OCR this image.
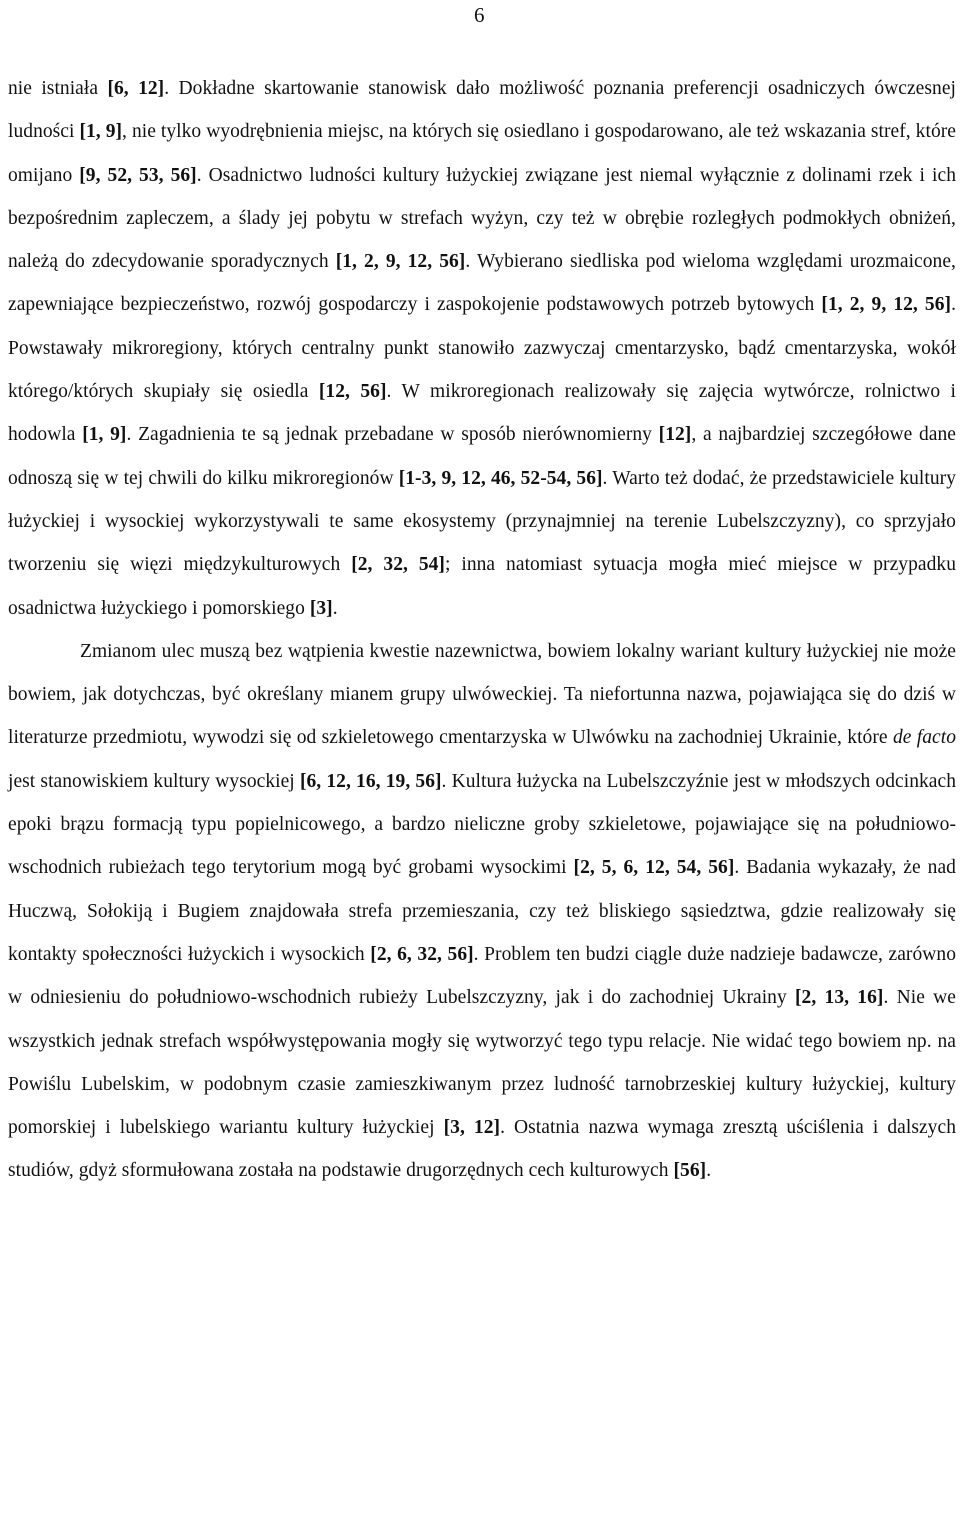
6

nie istniała [6, 12]. Dokładne skartowanie stanowisk dało możliwość poznania preferencji osadniczych ówczesnej ludności [1, 9], nie tylko wyodrębnienia miejsc, na których się osiedlano i gospodarowano, ale też wskazania stref, które omijano [9, 52, 53, 56]. Osadnictwo ludności kultury łużyckiej związane jest niemal wyłącznie z dolinami rzek i ich bezpośrednim zapleczem, a ślady jej pobytu w strefach wyżyn, czy też w obrębie rozległych podmokłych obniżeń, należą do zdecydowanie sporadycznych [1, 2, 9, 12, 56]. Wybierano siedliska pod wieloma względami urozmaicone, zapewniające bezpieczeństwo, rozwój gospodarczy i zaspokojenie podstawowych potrzeb bytowych [1, 2, 9, 12, 56]. Powstawały mikroregiony, których centralny punkt stanowiło zazwyczaj cmentarzysko, bądź cmentarzyska, wokół którego/których skupiały się osiedla [12, 56]. W mikroregionach realizowały się zajęcia wytwórcze, rolnictwo i hodowla [1, 9]. Zagadnienia te są jednak przebadane w sposób nierównomierny [12], a najbardziej szczegółowe dane odnoszą się w tej chwili do kilku mikroregionów [1-3, 9, 12, 46, 52-54, 56]. Warto też dodać, że przedstawiciele kultury łużyckiej i wysockiej wykorzystywali te same ekosystemy (przynajmniej na terenie Lubelszczyzny), co sprzyjało tworzeniu się więzi międzykulturowych [2, 32, 54]; inna natomiast sytuacja mogła mieć miejsce w przypadku osadnictwa łużyckiego i pomorskiego [3].

Zmianom ulec muszą bez wątpienia kwestie nazewnictwa, bowiem lokalny wariant kultury łużyckiej nie może bowiem, jak dotychczas, być określany mianem grupy ulwóweckiej. Ta niefortunna nazwa, pojawiająca się do dziś w literaturze przedmiotu, wywodzi się od szkieletowego cmentarzyska w Ulwówku na zachodniej Ukrainie, które de facto jest stanowiskiem kultury wysockiej [6, 12, 16, 19, 56]. Kultura łużycka na Lubelszczyźnie jest w młodszych odcinkach epoki brązu formacją typu popielnicowego, a bardzo nieliczne groby szkieletowe, pojawiające się na południowo-wschodnich rubieżach tego terytorium mogą być grobami wysockimi [2, 5, 6, 12, 54, 56]. Badania wykazały, że nad Huczwą, Sołokiją i Bugiem znajdowała strefa przemieszania, czy też bliskiego sąsiedztwa, gdzie realizowały się kontakty społeczności łużyckich i wysockich [2, 6, 32, 56]. Problem ten budzi ciągle duże nadzieje badawcze, zarówno w odniesieniu do południowo-wschodnich rubieży Lubelszczyzny, jak i do zachodniej Ukrainy [2, 13, 16]. Nie we wszystkich jednak strefach współwystępowania mogły się wytworzyć tego typu relacje. Nie widać tego bowiem np. na Powiślu Lubelskim, w podobnym czasie zamieszkiwanym przez ludność tarnobrzeskiej kultury łużyckiej, kultury pomorskiej i lubelskiego wariantu kultury łużyckiej [3, 12]. Ostatnia nazwa wymaga zresztą uściślenia i dalszych studiów, gdyż sformułowana została na podstawie drugorzędnych cech kulturowych [56].
